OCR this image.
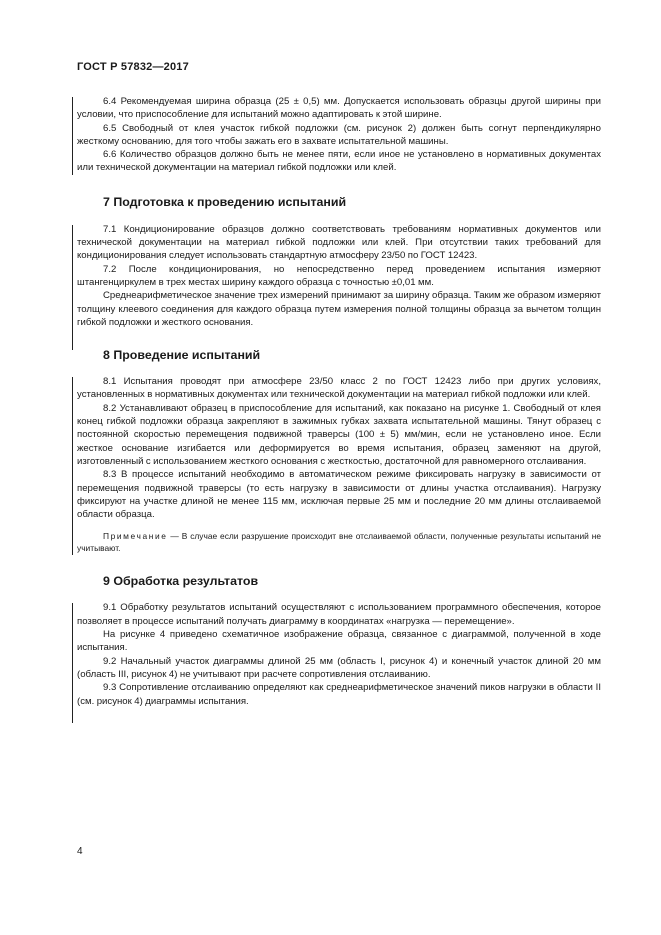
ГОСТ Р 57832—2017

6.4 Рекомендуемая ширина образца (25 ± 0,5) мм. Допускается использовать образцы другой ширины при условии, что приспособление для испытаний можно адаптировать к этой ширине.

6.5 Свободный от клея участок гибкой подложки (см. рисунок 2) должен быть согнут перпендикулярно жесткому основанию, для того чтобы зажать его в захвате испытательной машины.

6.6 Количество образцов должно быть не менее пяти, если иное не установлено в нормативных документах или технической документации на материал гибкой подложки или клей.

7 Подготовка к проведению испытаний

7.1 Кондиционирование образцов должно соответствовать требованиям нормативных документов или технической документации на материал гибкой подложки или клей. При отсутствии таких требований для кондиционирования следует использовать стандартную атмосферу 23/50 по ГОСТ 12423.

7.2 После кондиционирования, но непосредственно перед проведением испытания измеряют штангенциркулем в трех местах ширину каждого образца с точностью ±0,01 мм.

Среднеарифметическое значение трех измерений принимают за ширину образца. Таким же образом измеряют толщину клеевого соединения для каждого образца путем измерения полной толщины образца за вычетом толщин гибкой подложки и жесткого основания.

8 Проведение испытаний

8.1 Испытания проводят при атмосфере 23/50 класс 2 по ГОСТ 12423 либо при других условиях, установленных в нормативных документах или технической документации на материал гибкой подложки или клей.

8.2 Устанавливают образец в приспособление для испытаний, как показано на рисунке 1. Свободный от клея конец гибкой подложки образца закрепляют в зажимных губках захвата испытательной машины. Тянут образец с постоянной скоростью перемещения подвижной траверсы (100 ± 5) мм/мин, если не установлено иное. Если жесткое основание изгибается или деформируется во время испытания, образец заменяют на другой, изготовленный с использованием жесткого основания с жесткостью, достаточной для равномерного отслаивания.

8.3 В процессе испытаний необходимо в автоматическом режиме фиксировать нагрузку в зависимости от перемещения подвижной траверсы (то есть нагрузку в зависимости от длины участка отслаивания). Нагрузку фиксируют на участке длиной не менее 115 мм, исключая первые 25 мм и последние 20 мм длины отслаиваемой области образца.

Примечание — В случае если разрушение происходит вне отслаиваемой области, полученные результаты испытаний не учитывают.

9 Обработка результатов

9.1 Обработку результатов испытаний осуществляют с использованием программного обеспечения, которое позволяет в процессе испытаний получать диаграмму в координатах «нагрузка — перемещение».

На рисунке 4 приведено схематичное изображение образца, связанное с диаграммой, полученной в ходе испытания.

9.2 Начальный участок диаграммы длиной 25 мм (область I, рисунок 4) и конечный участок длиной 20 мм (область III, рисунок 4) не учитывают при расчете сопротивления отслаиванию.

9.3 Сопротивление отслаиванию определяют как среднеарифметическое значений пиков нагрузки в области II (см. рисунок 4) диаграммы испытания.

4
